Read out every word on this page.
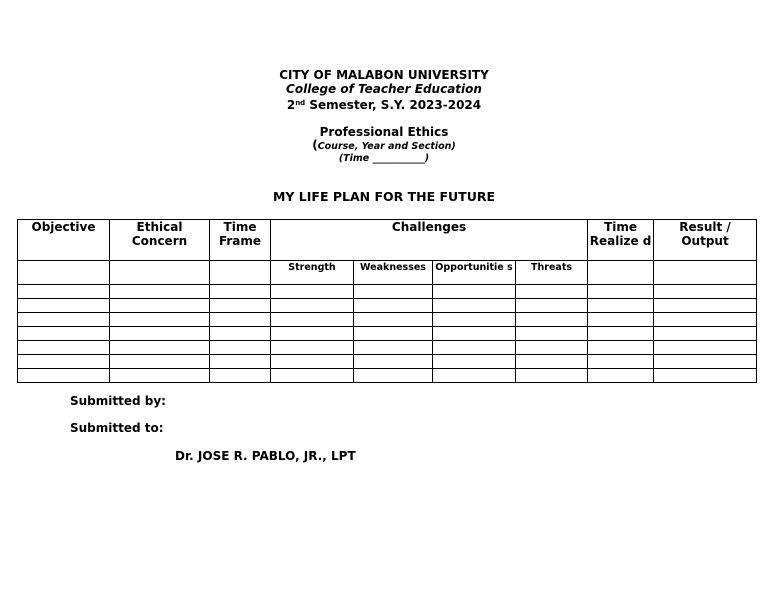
CITY OF MALABON UNIVERSITY
College of Teacher Education
2nd Semester, S.Y. 2023-2024
Professional Ethics
(Course, Year and Section)
(Time ___________)
MY LIFE PLAN FOR THE FUTURE
Objective	Ethical Concern	Time Frame	Challenges				Time Realize d	Result / Output
			Strength	Weaknesses	Opportunitie s	Threats		

Submitted by:
Submitted to:
Dr. JOSE R. PABLO, JR., LPT
